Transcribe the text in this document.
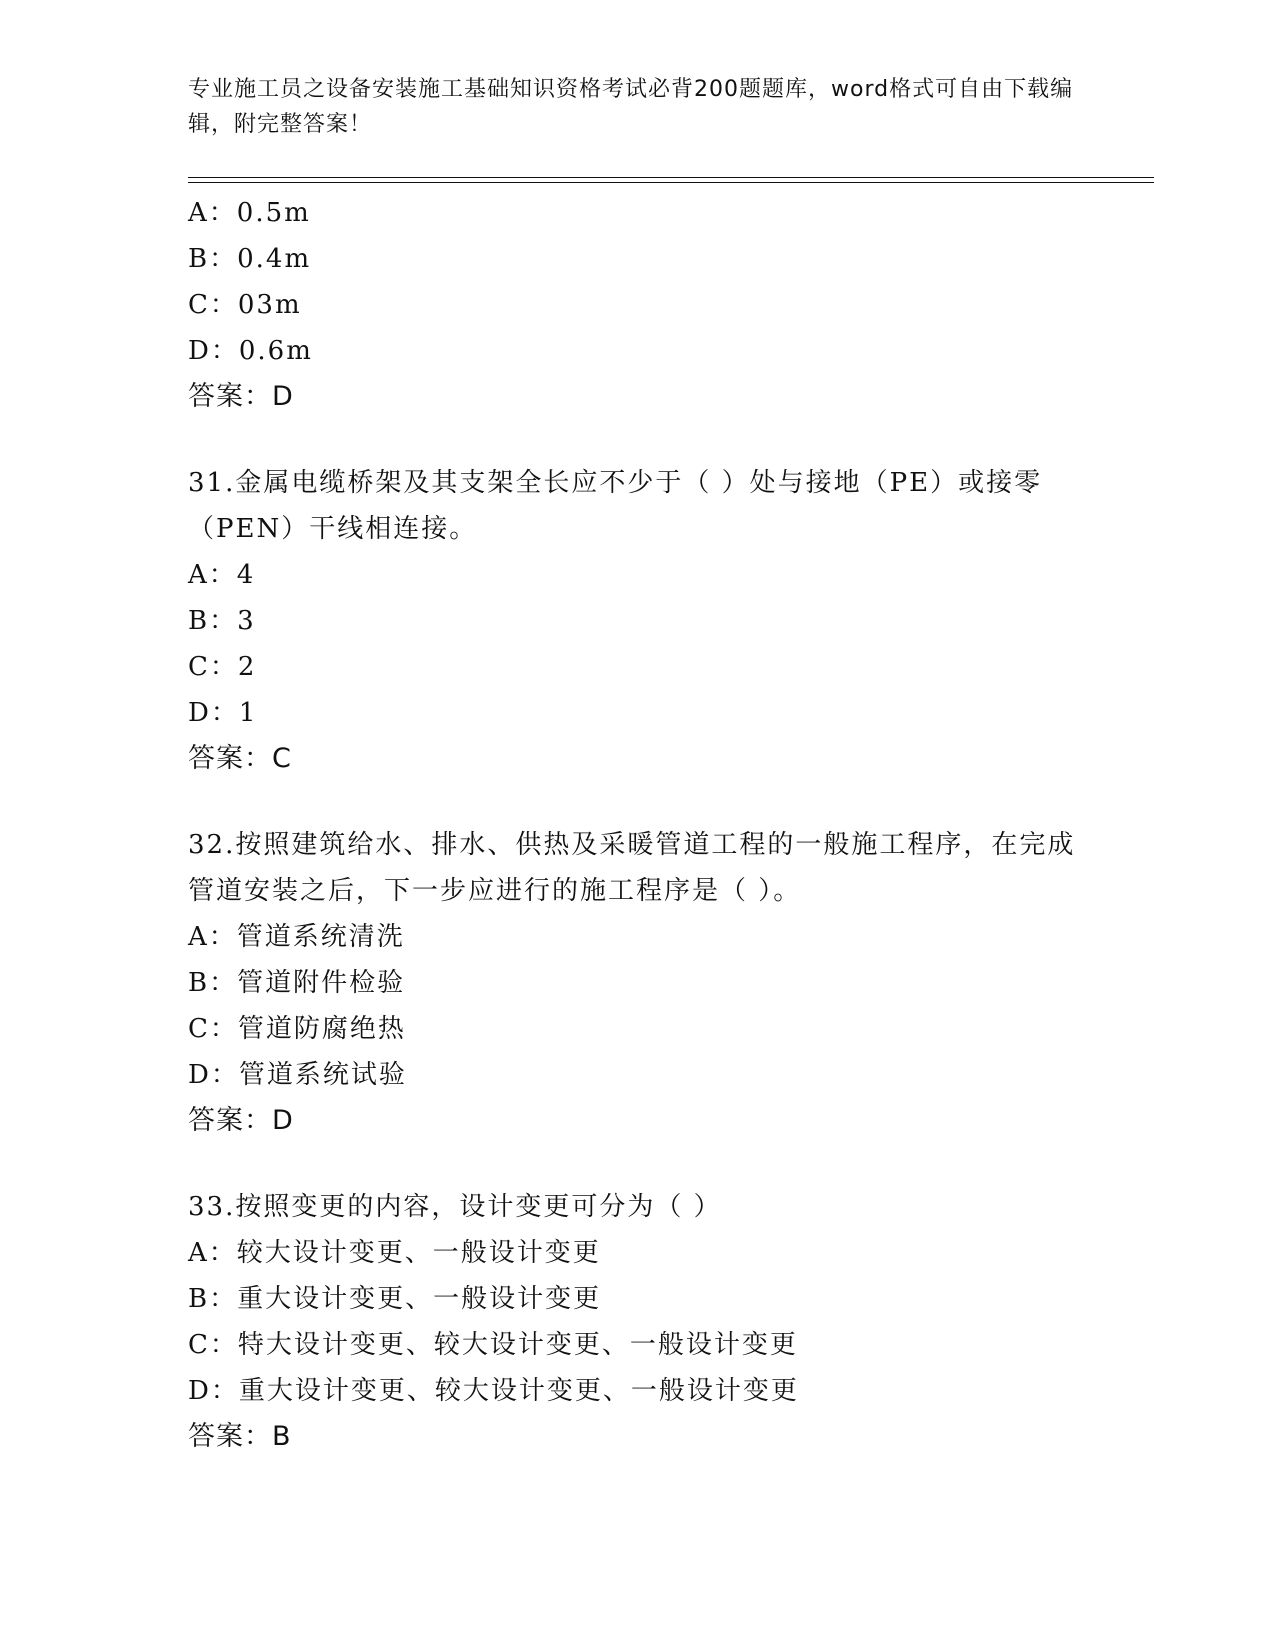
专业施工员之设备安装施工基础知识资格考试必背200题题库，word格式可自由下载编辑，附完整答案！
A：0.5m
B：0.4m
C：03m
D：0.6m
答案：D
31.金属电缆桥架及其支架全长应不少于（ ）处与接地（PE）或接零（PEN）干线相连接。
A：4
B：3
C：2
D：1
答案：C
32.按照建筑给水、排水、供热及采暖管道工程的一般施工程序，在完成管道安装之后，下一步应进行的施工程序是（ ）。
A：管道系统清洗
B：管道附件检验
C：管道防腐绝热
D：管道系统试验
答案：D
33.按照变更的内容，设计变更可分为（ ）
A：较大设计变更、一般设计变更
B：重大设计变更、一般设计变更
C：特大设计变更、较大设计变更、一般设计变更
D：重大设计变更、较大设计变更、一般设计变更
答案：B
